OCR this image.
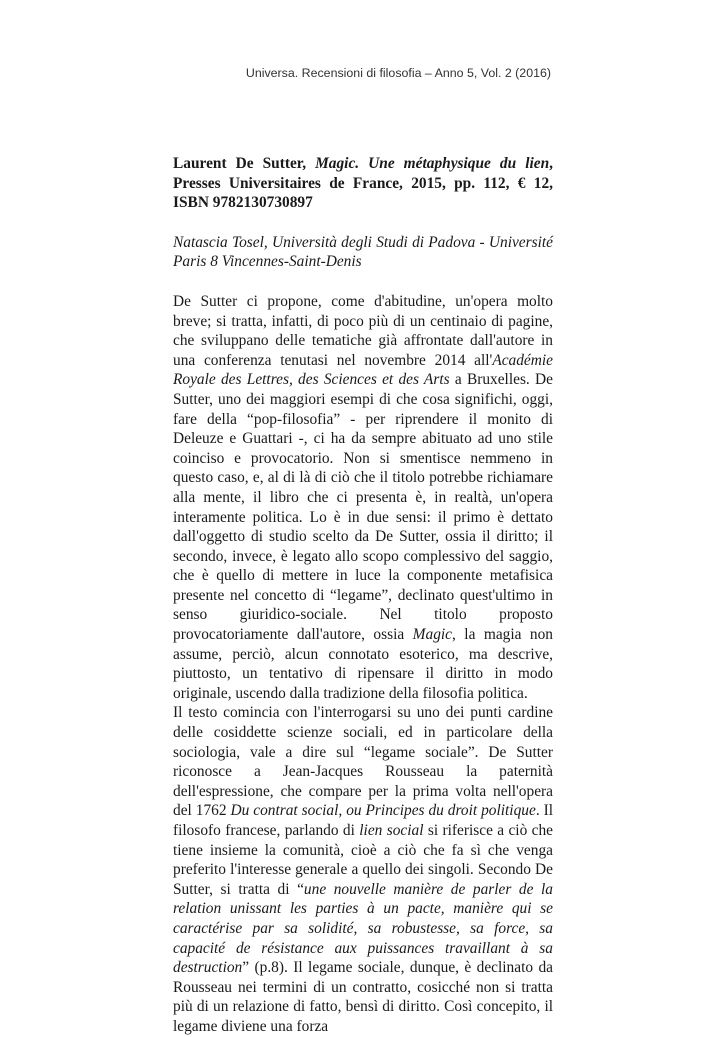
Universa. Recensioni di filosofia – Anno 5, Vol. 2 (2016)

Laurent De Sutter, Magic. Une métaphysique du lien, Presses Universitaires de France, 2015, pp. 112, € 12, ISBN 9782130730897

Natascia Tosel, Università degli Studi di Padova - Université Paris 8 Vincennes-Saint-Denis

De Sutter ci propone, come d'abitudine, un'opera molto breve; si tratta, infatti, di poco più di un centinaio di pagine, che sviluppano delle tematiche già affrontate dall'autore in una conferenza tenutasi nel novembre 2014 all'Académie Royale des Lettres, des Sciences et des Arts a Bruxelles. De Sutter, uno dei maggiori esempi di che cosa significhi, oggi, fare della “pop-filosofia” - per riprendere il monito di Deleuze e Guattari -, ci ha da sempre abituato ad uno stile coinciso e provocatorio. Non si smentisce nemmeno in questo caso, e, al di là di ciò che il titolo potrebbe richiamare alla mente, il libro che ci presenta è, in realtà, un'opera interamente politica. Lo è in due sensi: il primo è dettato dall'oggetto di studio scelto da De Sutter, ossia il diritto; il secondo, invece, è legato allo scopo complessivo del saggio, che è quello di mettere in luce la componente metafisica presente nel concetto di “legame”, declinato quest'ultimo in senso giuridico-sociale. Nel titolo proposto provocatoriamente dall'autore, ossia Magic, la magia non assume, perciò, alcun connotato esoterico, ma descrive, piuttosto, un tentativo di ripensare il diritto in modo originale, uscendo dalla tradizione della filosofia politica.

Il testo comincia con l'interrogarsi su uno dei punti cardine delle cosiddette scienze sociali, ed in particolare della sociologia, vale a dire sul “legame sociale”. De Sutter riconosce a Jean-Jacques Rousseau la paternità dell'espressione, che compare per la prima volta nell'opera del 1762 Du contrat social, ou Principes du droit politique. Il filosofo francese, parlando di lien social si riferisce a ciò che tiene insieme la comunità, cioè a ciò che fa sì che venga preferito l'interesse generale a quello dei singoli. Secondo De Sutter, si tratta di “une nouvelle manière de parler de la relation unissant les parties à un pacte, manière qui se caractérise par sa solidité, sa robustesse, sa force, sa capacité de résistance aux puissances travaillant à sa destruction” (p.8). Il legame sociale, dunque, è declinato da Rousseau nei termini di un contratto, cosicché non si tratta più di un relazione di fatto, bensì di diritto. Così concepito, il legame diviene una forza
